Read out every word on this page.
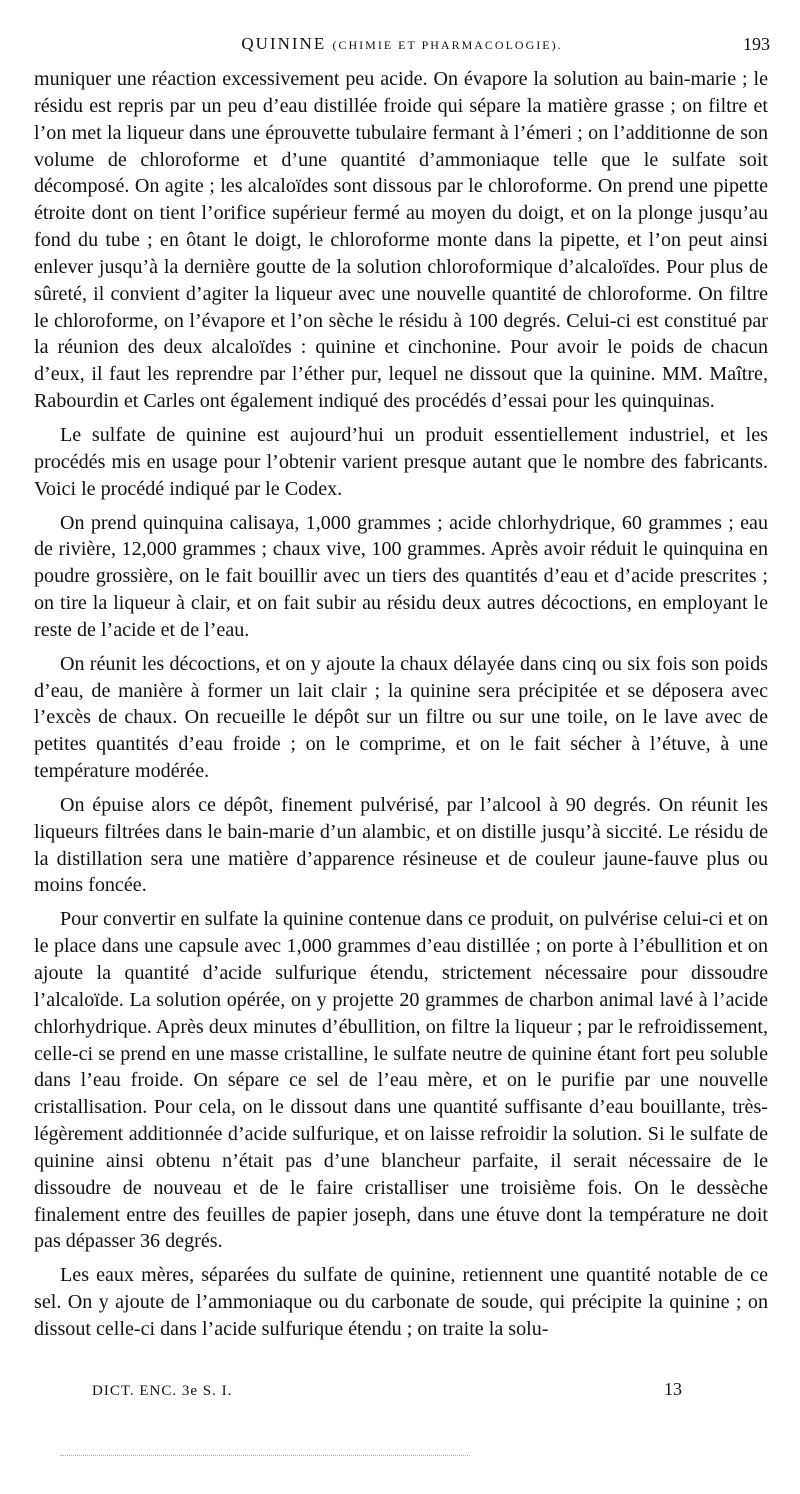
QUININE (CHIMIE ET PHARMACOLOGIE).	193

muniquer une réaction excessivement peu acide. On évapore la solution au bain-marie ; le résidu est repris par un peu d’eau distillée froide qui sépare la matière grasse ; on filtre et l’on met la liqueur dans une éprouvette tubulaire fermant à l’émeri ; on l’additionne de son volume de chloroforme et d’une quantité d’ammoniaque telle que le sulfate soit décomposé. On agite ; les alcaloïdes sont dissous par le chloroforme. On prend une pipette étroite dont on tient l’orifice supérieur fermé au moyen du doigt, et on la plonge jusqu’au fond du tube ; en ôtant le doigt, le chloroforme monte dans la pipette, et l’on peut ainsi enlever jusqu’à la dernière goutte de la solution chloroformique d’alcaloïdes. Pour plus de sûreté, il convient d’agiter la liqueur avec une nouvelle quantité de chloroforme. On filtre le chloroforme, on l’évapore et l’on sèche le résidu à 100 degrés. Celui-ci est constitué par la réunion des deux alcaloïdes : quinine et cinchonine. Pour avoir le poids de chacun d’eux, il faut les reprendre par l’éther pur, lequel ne dissout que la quinine. MM. Maître, Rabourdin et Carles ont également indiqué des procédés d’essai pour les quinquinas.

Le sulfate de quinine est aujourd’hui un produit essentiellement industriel, et les procédés mis en usage pour l’obtenir varient presque autant que le nombre des fabricants. Voici le procédé indiqué par le Codex.

On prend quinquina calisaya, 1,000 grammes ; acide chlorhydrique, 60 grammes ; eau de rivière, 12,000 grammes ; chaux vive, 100 grammes. Après avoir réduit le quinquina en poudre grossière, on le fait bouillir avec un tiers des quantités d’eau et d’acide prescrites ; on tire la liqueur à clair, et on fait subir au résidu deux autres décoctions, en employant le reste de l’acide et de l’eau.

On réunit les décoctions, et on y ajoute la chaux délayée dans cinq ou six fois son poids d’eau, de manière à former un lait clair ; la quinine sera précipitée et se déposera avec l’excès de chaux. On recueille le dépôt sur un filtre ou sur une toile, on le lave avec de petites quantités d’eau froide ; on le comprime, et on le fait sécher à l’étuve, à une température modérée.

On épuise alors ce dépôt, finement pulvérisé, par l’alcool à 90 degrés. On réunit les liqueurs filtrées dans le bain-marie d’un alambic, et on distille jusqu’à siccité. Le résidu de la distillation sera une matière d’apparence résineuse et de couleur jaune-fauve plus ou moins foncée.

Pour convertir en sulfate la quinine contenue dans ce produit, on pulvérise celui-ci et on le place dans une capsule avec 1,000 grammes d’eau distillée ; on porte à l’ébullition et on ajoute la quantité d’acide sulfurique étendu, strictement nécessaire pour dissoudre l’alcaloïde. La solution opérée, on y projette 20 grammes de charbon animal lavé à l’acide chlorhydrique. Après deux minutes d’ébullition, on filtre la liqueur ; par le refroidissement, celle-ci se prend en une masse cristalline, le sulfate neutre de quinine étant fort peu soluble dans l’eau froide. On sépare ce sel de l’eau mère, et on le purifie par une nouvelle cristallisation. Pour cela, on le dissout dans une quantité suffisante d’eau bouillante, très-légèrement additionnée d’acide sulfurique, et on laisse refroidir la solution. Si le sulfate de quinine ainsi obtenu n’était pas d’une blancheur parfaite, il serait nécessaire de le dissoudre de nouveau et de le faire cristalliser une troisième fois. On le dessèche finalement entre des feuilles de papier joseph, dans une étuve dont la température ne doit pas dépasser 36 degrés.

Les eaux mères, séparées du sulfate de quinine, retiennent une quantité notable de ce sel. On y ajoute de l’ammoniaque ou du carbonate de soude, qui précipite la quinine ; on dissout celle-ci dans l’acide sulfurique étendu ; on traite la solu-

DICT. ENC. 3e S. I.	13
